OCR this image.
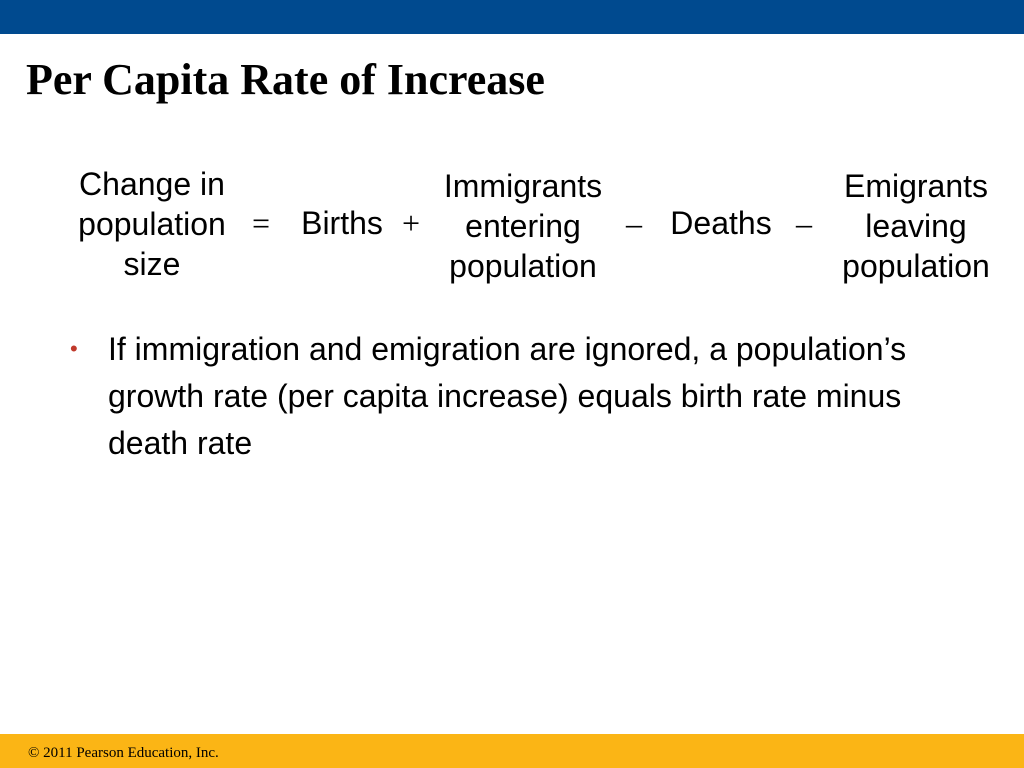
Per Capita Rate of Increase
Change in
population
size
= Births +
Immigrants
entering
population
– Deaths –
Emigrants
leaving
population
• If immigration and emigration are ignored, a population’s growth rate (per capita increase) equals birth rate minus death rate

© 2011 Pearson Education, Inc.
